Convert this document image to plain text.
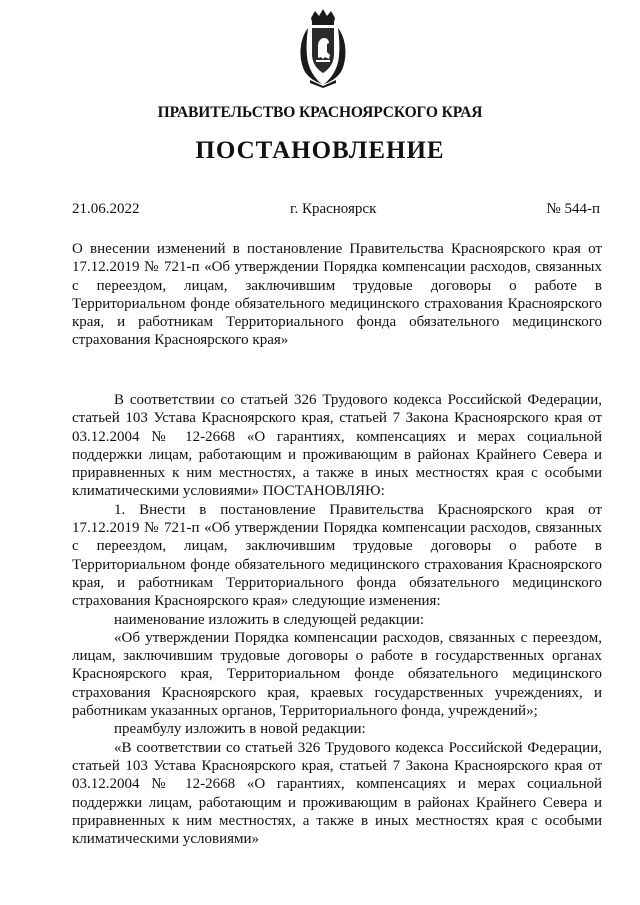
ПРАВИТЕЛЬСТВО КРАСНОЯРСКОГО КРАЯ
ПОСТАНОВЛЕНИЕ
21.06.2022	г. Красноярск	№ 544-п

О внесении изменений в постановление Правительства Красноярского края от 17.12.2019 № 721-п «Об утверждении Порядка компенсации расходов, связанных с переездом, лицам, заключившим трудовые договоры о работе в Территориальном фонде обязательного медицинского страхования Красноярского края, и работникам Территориального фонда обязательного медицинского страхования Красноярского края»

В соответствии со статьей 326 Трудового кодекса Российской Федерации, статьей 103 Устава Красноярского края, статьей 7 Закона Красноярского края от 03.12.2004 № 12-2668 «О гарантиях, компенсациях и мерах социальной поддержки лицам, работающим и проживающим в районах Крайнего Севера и приравненных к ним местностях, а также в иных местностях края с особыми климатическими условиями» ПОСТАНОВЛЯЮ:

1. Внести в постановление Правительства Красноярского края от 17.12.2019 № 721-п «Об утверждении Порядка компенсации расходов, связанных с переездом, лицам, заключившим трудовые договоры о работе в Территориальном фонде обязательного медицинского страхования Красноярского края, и работникам Территориального фонда обязательного медицинского страхования Красноярского края» следующие изменения:

наименование изложить в следующей редакции:

«Об утверждении Порядка компенсации расходов, связанных с переездом, лицам, заключившим трудовые договоры о работе в государственных органах Красноярского края, Территориальном фонде обязательного медицинского страхования Красноярского края, краевых государственных учреждениях, и работникам указанных органов, Территориального фонда, учреждений»;

преамбулу изложить в новой редакции:

«В соответствии со статьей 326 Трудового кодекса Российской Федерации, статьей 103 Устава Красноярского края, статьей 7 Закона Красноярского края от 03.12.2004 № 12-2668 «О гарантиях, компенсациях и мерах социальной поддержки лицам, работающим и проживающим в районах Крайнего Севера и приравненных к ним местностях, а также в иных местностях края с особыми климатическими условиями»
